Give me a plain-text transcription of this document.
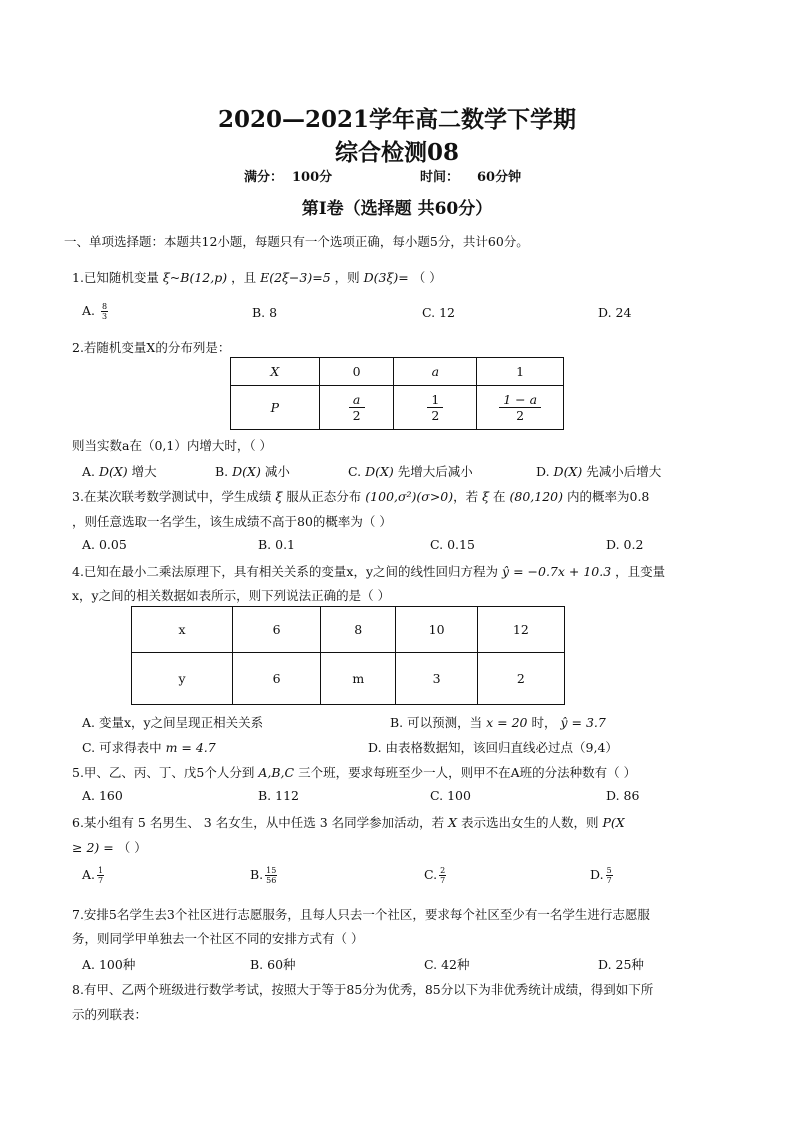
2020—2021学年高二数学下学期
综合检测08
满分： 100分	时间： 60分钟
第Ⅰ卷（选择题 共60分）
一、单项选择题：本题共12小题，每题只有一个选项正确，每小题5分，共计60分。
1.已知随机变量 ξ~B(12,p) ，且 E(2ξ−3)=5 ，则 D(3ξ)= （ ）
A. $\frac{8}{3}$	B. 8	C. 12	D. 24
2.若随机变量X的分布列是：
X	0	a	1
P	$\frac{a}{2}$	$\frac{1}{2}$	$\frac{1 - a}{2}$
则当实数a在（0,1）内增大时，（ ）
A. D(X) 增大	B. D(X) 减小	C. D(X) 先增大后减小	D. D(X) 先减小后增大
3.在某次联考数学测试中，学生成绩 ξ 服从正态分布 (100,σ²)(σ>0)，若 ξ 在 (80,120) 内的概率为0.8
，则任意选取一名学生，该生成绩不高于80的概率为（ ）
A. 0.05	B. 0.1	C. 0.15	D. 0.2
4.已知在最小二乘法原理下，具有相关关系的变量x，y之间的线性回归方程为 ŷ = −0.7x + 10.3 ，且变量
x，y之间的相关数据如表所示，则下列说法正确的是（ ）
x	6	8	10	12
y	6	m	3	2
A. 变量x，y之间呈现正相关关系	B. 可以预测，当 x = 20 时， ŷ = 3.7
C. 可求得表中 m = 4.7	D. 由表格数据知，该回归直线必过点（9,4）
5.甲、乙、丙、丁、戊5个人分到 A,B,C 三个班，要求每班至少一人，则甲不在A班的分法种数有（ ）
A. 160	B. 112	C. 100	D. 86
6.某小组有 5 名男生、 3 名女生，从中任选 3 名同学参加活动，若 X 表示选出女生的人数，则 P(X
≥ 2) = （ ）
A. $\frac{1}{7}$	B. $\frac{15}{56}$	C. $\frac{2}{7}$	D. $\frac{5}{7}$
7.安排5名学生去3个社区进行志愿服务，且每人只去一个社区，要求每个社区至少有一名学生进行志愿服
务，则同学甲单独去一个社区不同的安排方式有（ ）
A. 100种	B. 60种	C. 42种	D. 25种
8.有甲、乙两个班级进行数学考试，按照大于等于85分为优秀，85分以下为非优秀统计成绩，得到如下所
示的列联表：
